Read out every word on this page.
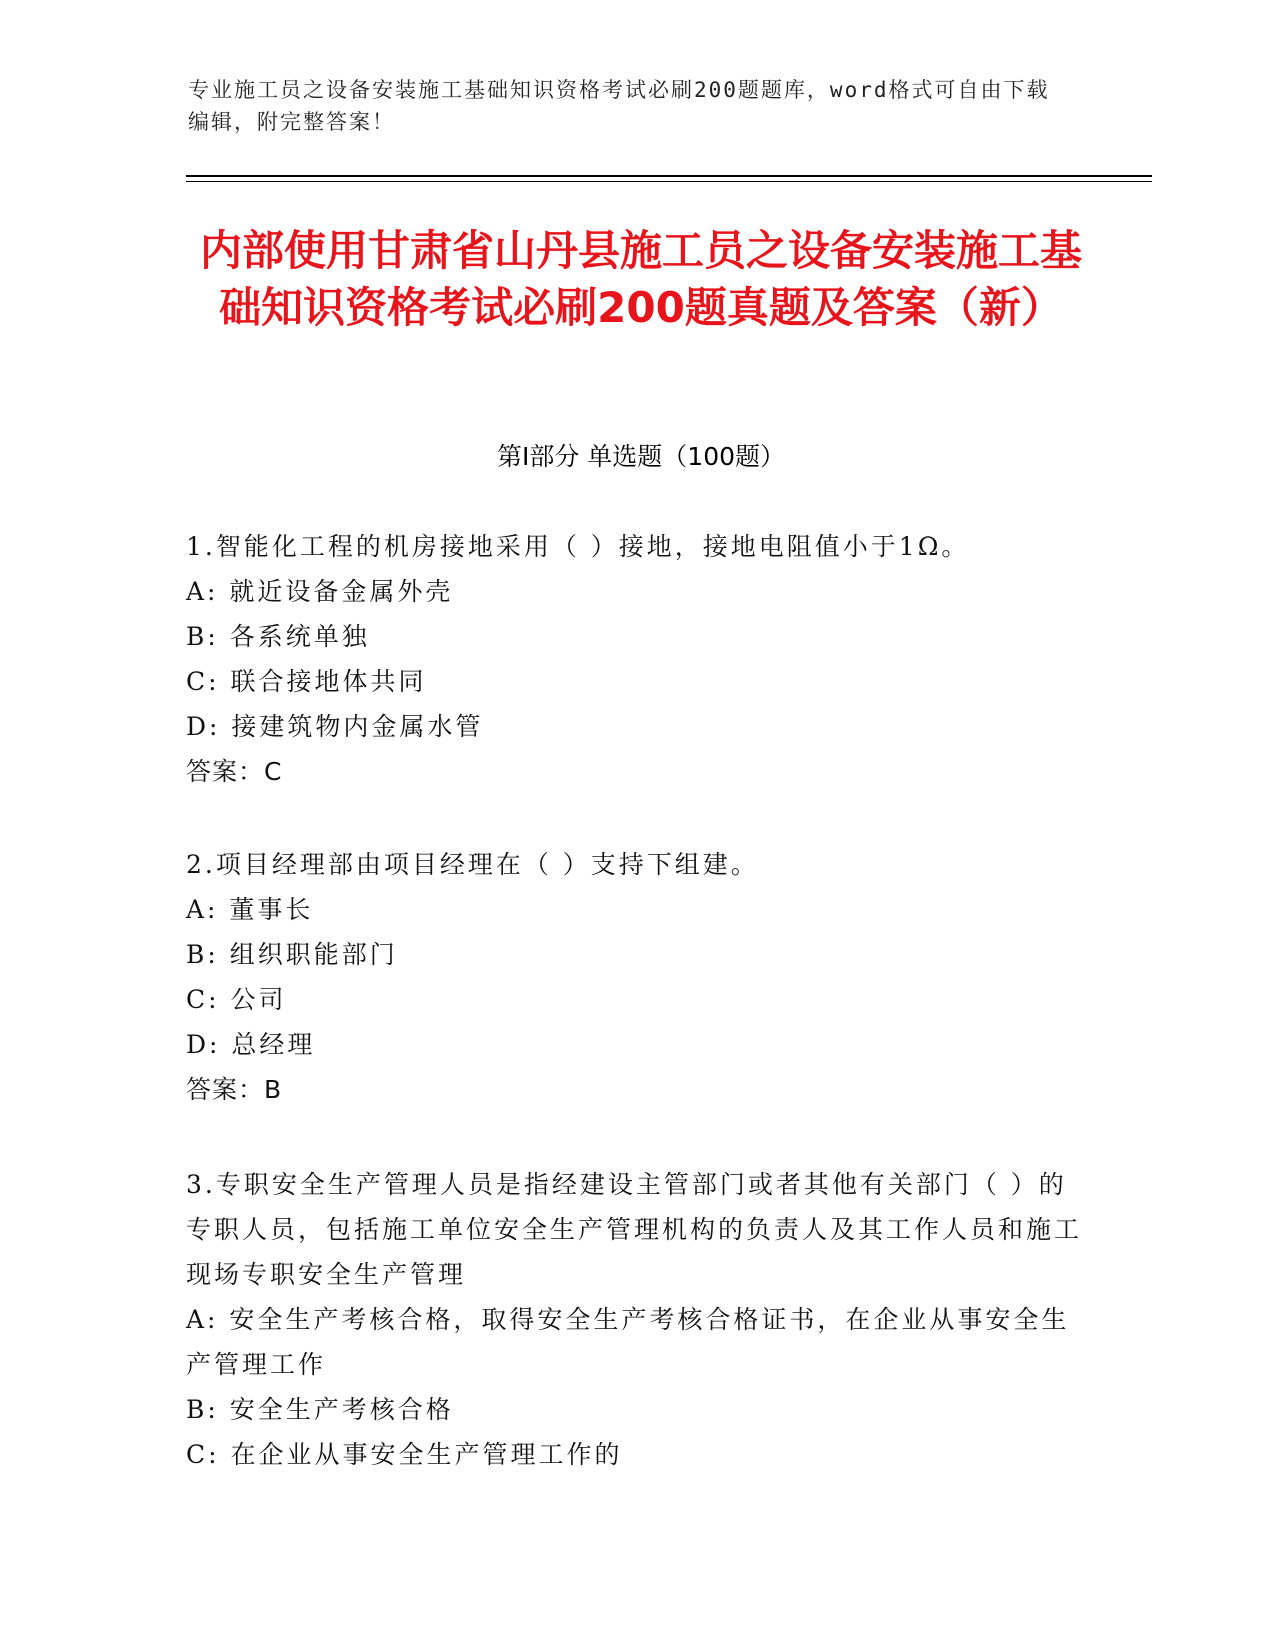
专业施工员之设备安装施工基础知识资格考试必刷200题题库，word格式可自由下载编辑，附完整答案！
内部使用甘肃省山丹县施工员之设备安装施工基础知识资格考试必刷200题真题及答案（新）
第Ⅰ部分 单选题（100题）
1.智能化工程的机房接地采用（ ）接地，接地电阻值小于1Ω。
A: 就近设备金属外壳
B: 各系统单独
C: 联合接地体共同
D: 接建筑物内金属水管
答案：C
2.项目经理部由项目经理在（ ）支持下组建。
A: 董事长
B: 组织职能部门
C: 公司
D: 总经理
答案：B
3.专职安全生产管理人员是指经建设主管部门或者其他有关部门（ ）的专职人员，包括施工单位安全生产管理机构的负责人及其工作人员和施工现场专职安全生产管理
A: 安全生产考核合格，取得安全生产考核合格证书，在企业从事安全生产管理工作
B: 安全生产考核合格
C: 在企业从事安全生产管理工作的
